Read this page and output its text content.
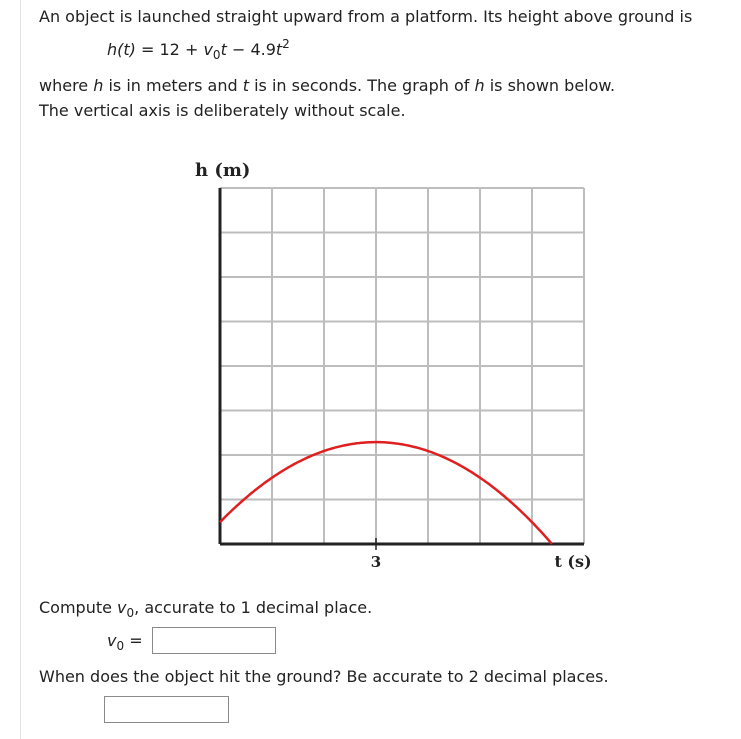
An object is launched straight upward from a platform. Its height above ground is

$h(t) = 12 + v_0t - 4.9t^2$

where h is in meters and t is in seconds. The graph of h is shown below.

The vertical axis is deliberately without scale.

h (m)
3	t (s)

Compute $v_0$, accurate to 1 decimal place.

$v_0$ =

When does the object hit the ground? Be accurate to 2 decimal places.
